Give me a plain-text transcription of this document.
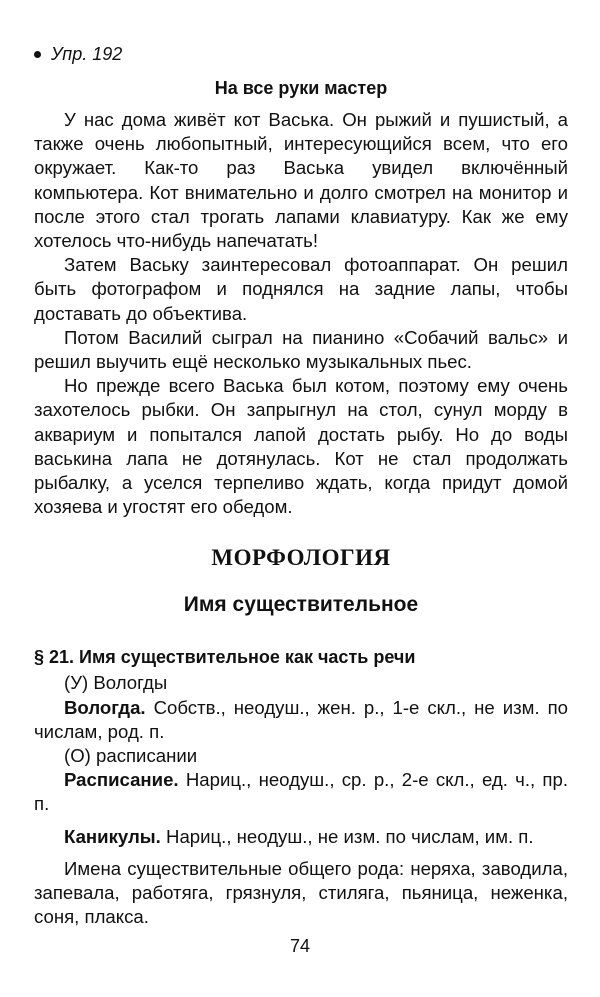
Упр. 192
На все руки мастер

У нас дома живёт кот Васька. Он рыжий и пушистый, а также очень любопытный, интересующийся всем, что его окружает. Как-то раз Васька увидел включённый компьютера. Кот внимательно и долго смотрел на монитор и после этого стал трогать лапами клавиатуру. Как же ему хотелось что-нибудь напечатать!

Затем Ваську заинтересовал фотоаппарат. Он решил быть фотографом и поднялся на задние лапы, чтобы доставать до объектива.

Потом Василий сыграл на пианино «Собачий вальс» и решил выучить ещё несколько музыкальных пьес.

Но прежде всего Васька был котом, поэтому ему очень захотелось рыбки. Он запрыгнул на стол, сунул морду в аквариум и попытался лапой достать рыбу. Но до воды васькина лапа не дотянулась. Кот не стал продолжать рыбалку, а уселся терпеливо ждать, когда придут домой хозяева и угостят его обедом.

МОРФОЛОГИЯ
Имя существительное
§ 21. Имя существительное как часть речи
(У) Вологды
Вологда. Собств., неодуш., жен. р., 1-е скл., не изм. по числам, род. п.
(О) расписании
Расписание. Нариц., неодуш., ср. р., 2-е скл., ед. ч., пр. п.
Каникулы. Нариц., неодуш., не изм. по числам, им. п.

Имена существительные общего рода: неряха, заводила, запевала, работяга, грязнуля, стиляга, пьяница, неженка, соня, плакса.

74
